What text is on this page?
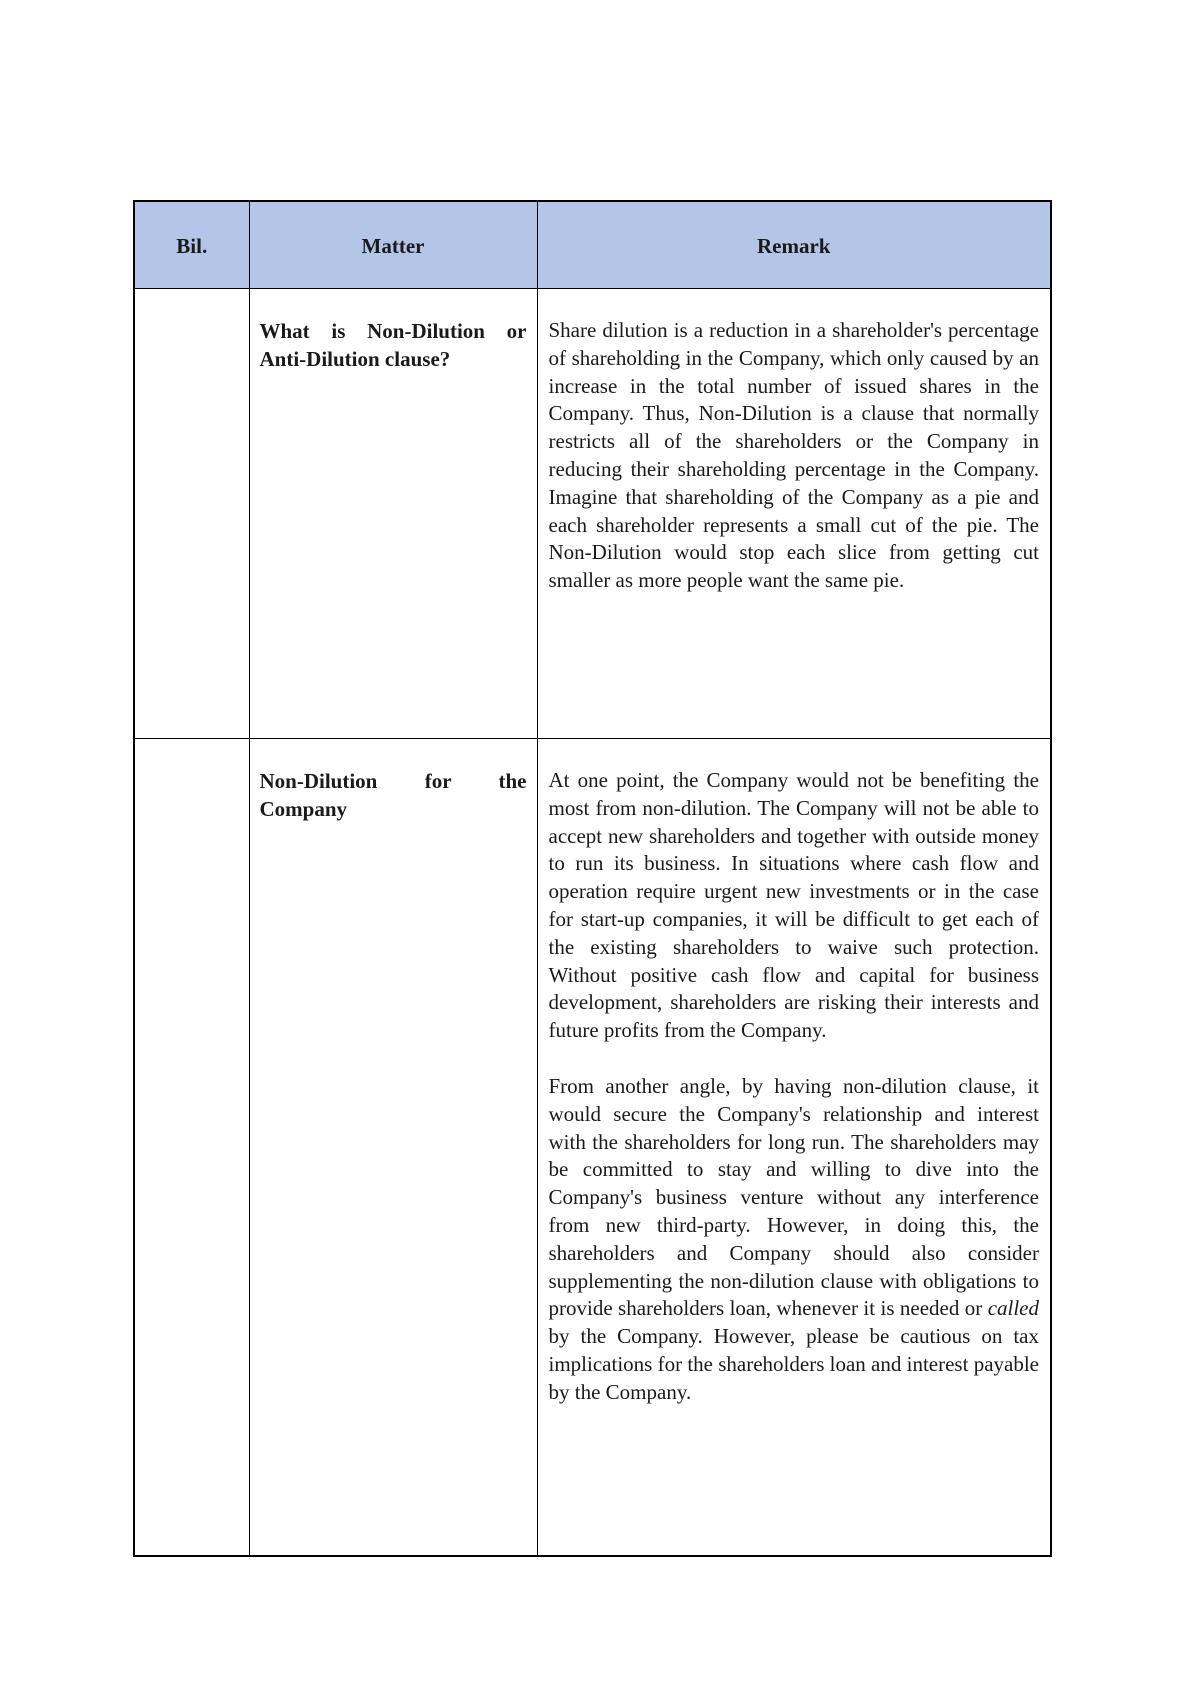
Bil.	Matter	Remark
	What is Non-Dilution or Anti-Dilution clause?	Share dilution is a reduction in a shareholder's percentage of shareholding in the Company, which only caused by an increase in the total number of issued shares in the Company. Thus, Non-Dilution is a clause that normally restricts all of the shareholders or the Company in reducing their shareholding percentage in the Company. Imagine that shareholding of the Company as a pie and each shareholder represents a small cut of the pie. The Non-Dilution would stop each slice from getting cut smaller as more people want the same pie.

	Non-Dilution for the Company	At one point, the Company would not be benefiting the most from non-dilution. The Company will not be able to accept new shareholders and together with outside money to run its business. In situations where cash flow and operation require urgent new investments or in the case for start-up companies, it will be difficult to get each of the existing shareholders to waive such protection. Without positive cash flow and capital for business development, shareholders are risking their interests and future profits from the Company.

From another angle, by having non-dilution clause, it would secure the Company's relationship and interest with the shareholders for long run. The shareholders may be committed to stay and willing to dive into the Company's business venture without any interference from new third-party. However, in doing this, the shareholders and Company should also consider supplementing the non-dilution clause with obligations to provide shareholders loan, whenever it is needed or called by the Company. However, please be cautious on tax implications for the shareholders loan and interest payable by the Company.
